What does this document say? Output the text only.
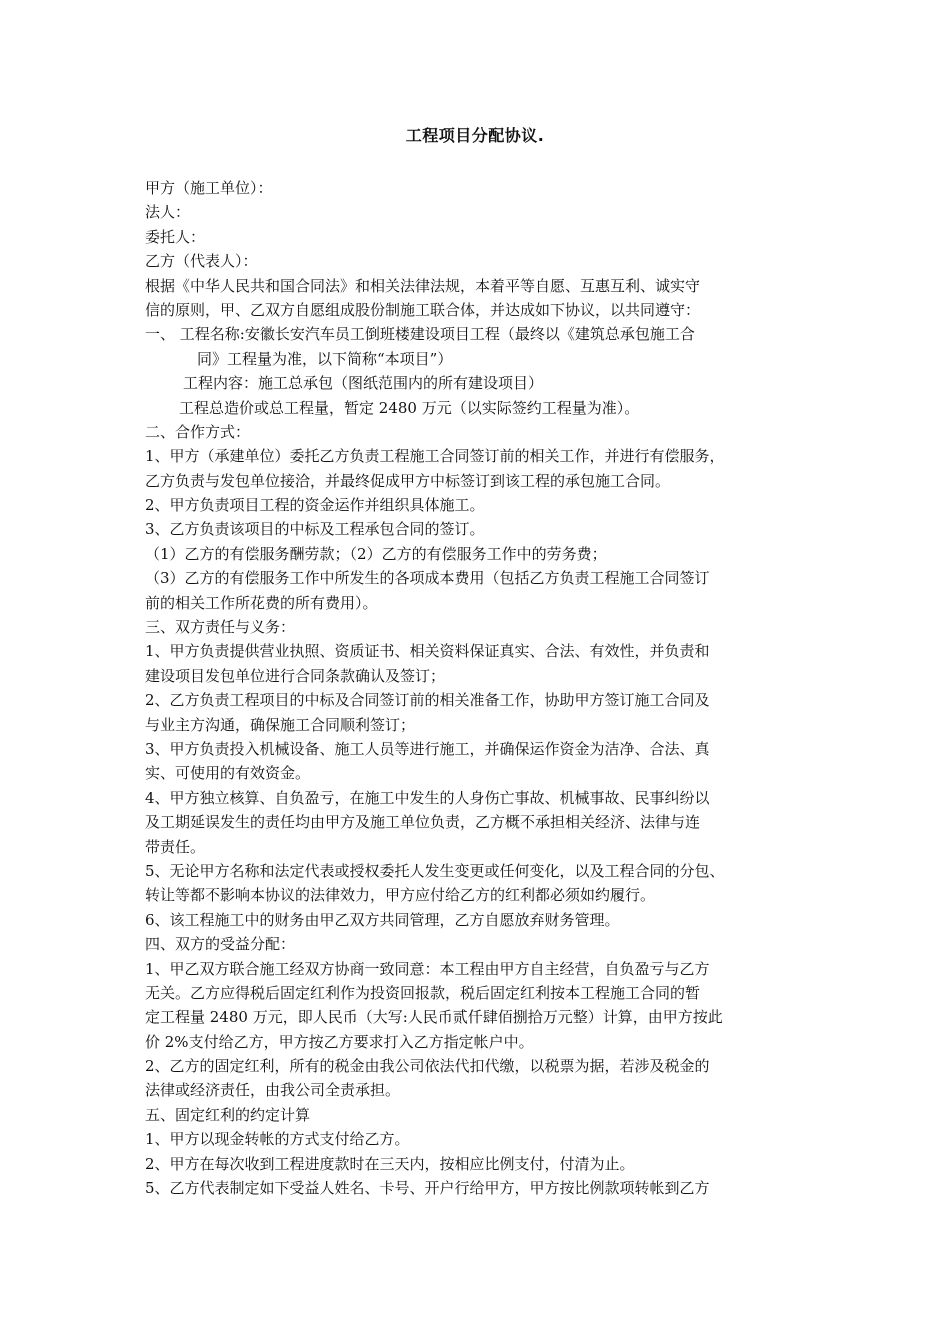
工程项目分配协议.
甲方（施工单位）：
法人：
委托人：
乙方（代表人）：
根据《中华人民共和国合同法》和相关法律法规，本着平等自愿、互惠互利、诚实守
信的原则，甲、乙双方自愿组成股份制施工联合体，并达成如下协议，以共同遵守：
一、 工程名称:安徽长安汽车员工倒班楼建设项目工程（最终以《建筑总承包施工合
同》工程量为准，以下简称“本项目”）
工程内容：施工总承包（图纸范围内的所有建设项目）
工程总造价或总工程量，暂定 2480 万元（以实际签约工程量为准）。
二、合作方式：
1、甲方（承建单位）委托乙方负责工程施工合同签订前的相关工作，并进行有偿服务，
乙方负责与发包单位接洽，并最终促成甲方中标签订到该工程的承包施工合同。
2、甲方负责项目工程的资金运作并组织具体施工。
3、乙方负责该项目的中标及工程承包合同的签订。
（1）乙方的有偿服务酬劳款；（2）乙方的有偿服务工作中的劳务费；
（3）乙方的有偿服务工作中所发生的各项成本费用（包括乙方负责工程施工合同签订
前的相关工作所花费的所有费用）。
三、双方责任与义务：
1、甲方负责提供营业执照、资质证书、相关资料保证真实、合法、有效性，并负责和
建设项目发包单位进行合同条款确认及签订；
2、乙方负责工程项目的中标及合同签订前的相关准备工作，协助甲方签订施工合同及
与业主方沟通，确保施工合同顺利签订；
3、甲方负责投入机械设备、施工人员等进行施工，并确保运作资金为洁净、合法、真
实、可使用的有效资金。
4、甲方独立核算、自负盈亏，在施工中发生的人身伤亡事故、机械事故、民事纠纷以
及工期延误发生的责任均由甲方及施工单位负责，乙方概不承担相关经济、法律与连
带责任。
5、无论甲方名称和法定代表或授权委托人发生变更或任何变化，以及工程合同的分包、
转让等都不影响本协议的法律效力，甲方应付给乙方的红利都必须如约履行。
6、该工程施工中的财务由甲乙双方共同管理，乙方自愿放弃财务管理。
四、双方的受益分配：
1、甲乙双方联合施工经双方协商一致同意：本工程由甲方自主经营，自负盈亏与乙方
无关。乙方应得税后固定红利作为投资回报款，税后固定红利按本工程施工合同的暂
定工程量 2480 万元，即人民币（大写:人民币贰仟肆佰捌拾万元整）计算，由甲方按此
价 2%支付给乙方，甲方按乙方要求打入乙方指定帐户中。
2、乙方的固定红利，所有的税金由我公司依法代扣代缴，以税票为据，若涉及税金的
法律或经济责任，由我公司全责承担。
五、固定红利的约定计算
1、甲方以现金转帐的方式支付给乙方。
2、甲方在每次收到工程进度款时在三天内，按相应比例支付，付清为止。
5、乙方代表制定如下受益人姓名、卡号、开户行给甲方，甲方按比例款项转帐到乙方
